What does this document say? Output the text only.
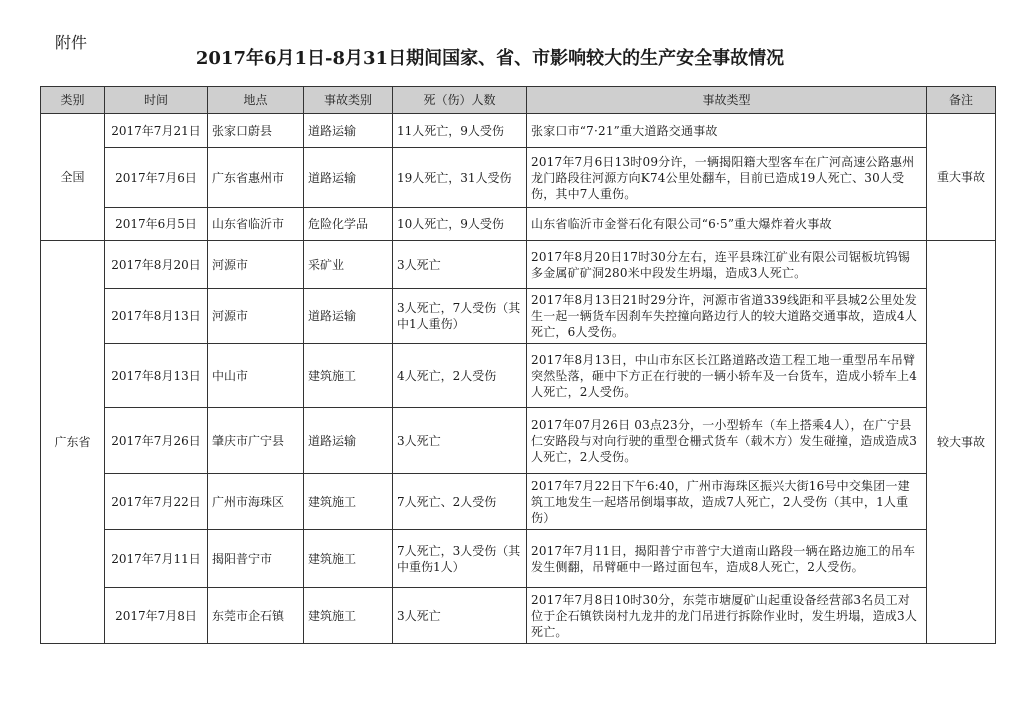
附件
2017年6月1日-8月31日期间国家、省、市影响较大的生产安全事故情况
类别	时间	地点	事故类别	死（伤）人数	事故类型	备注
全国	2017年7月21日	张家口蔚县	道路运输	11人死亡，9人受伤	张家口市“7·21”重大道路交通事故	重大事故
	2017年7月6日	广东省惠州市	道路运输	19人死亡，31人受伤	2017年7月6日13时09分许，一辆揭阳籍大型客车在广河高速公路惠州龙门路段往河源方向K74公里处翻车，目前已造成19人死亡、30人受伤，其中7人重伤。	
	2017年6月5日	山东省临沂市	危险化学品	10人死亡，9人受伤	山东省临沂市金誉石化有限公司“6·5”重大爆炸着火事故	
广东省	2017年8月20日	河源市	采矿业	3人死亡	2017年8月20日17时30分左右，连平县珠江矿业有限公司锯板坑钨锡多金属矿矿洞280米中段发生坍塌，造成3人死亡。	较大事故
	2017年8月13日	河源市	道路运输	3人死亡，7人受伤（其中1人重伤）	2017年8月13日21时29分许，河源市省道339线距和平县城2公里处发生一起一辆货车因刹车失控撞向路边行人的较大道路交通事故，造成4人死亡，6人受伤。	
	2017年8月13日	中山市	建筑施工	4人死亡，2人受伤	2017年8月13日，中山市东区长江路道路改造工程工地一重型吊车吊臂突然坠落，砸中下方正在行驶的一辆小轿车及一台货车，造成小轿车上4人死亡，2人受伤。	
	2017年7月26日	肇庆市广宁县	道路运输	3人死亡	2017年07月26日 03点23分，一小型轿车（车上搭乘4人），在广宁县仁安路段与对向行驶的重型仓栅式货车（载木方）发生碰撞，造成造成3人死亡，2人受伤。	
	2017年7月22日	广州市海珠区	建筑施工	7人死亡、2人受伤	2017年7月22日下午6:40，广州市海珠区振兴大街16号中交集团一建筑工地发生一起塔吊倒塌事故，造成7人死亡，2人受伤（其中，1人重伤）	
	2017年7月11日	揭阳普宁市	建筑施工	7人死亡，3人受伤（其中重伤1人）	2017年7月11日，揭阳普宁市普宁大道南山路段一辆在路边施工的吊车发生侧翻，吊臂砸中一路过面包车，造成8人死亡，2人受伤。	
	2017年7月8日	东莞市企石镇	建筑施工	3人死亡	2017年7月8日10时30分，东莞市塘厦矿山起重设备经营部3名员工对位于企石镇铁岗村九龙井的龙门吊进行拆除作业时，发生坍塌，造成3人死亡。	
